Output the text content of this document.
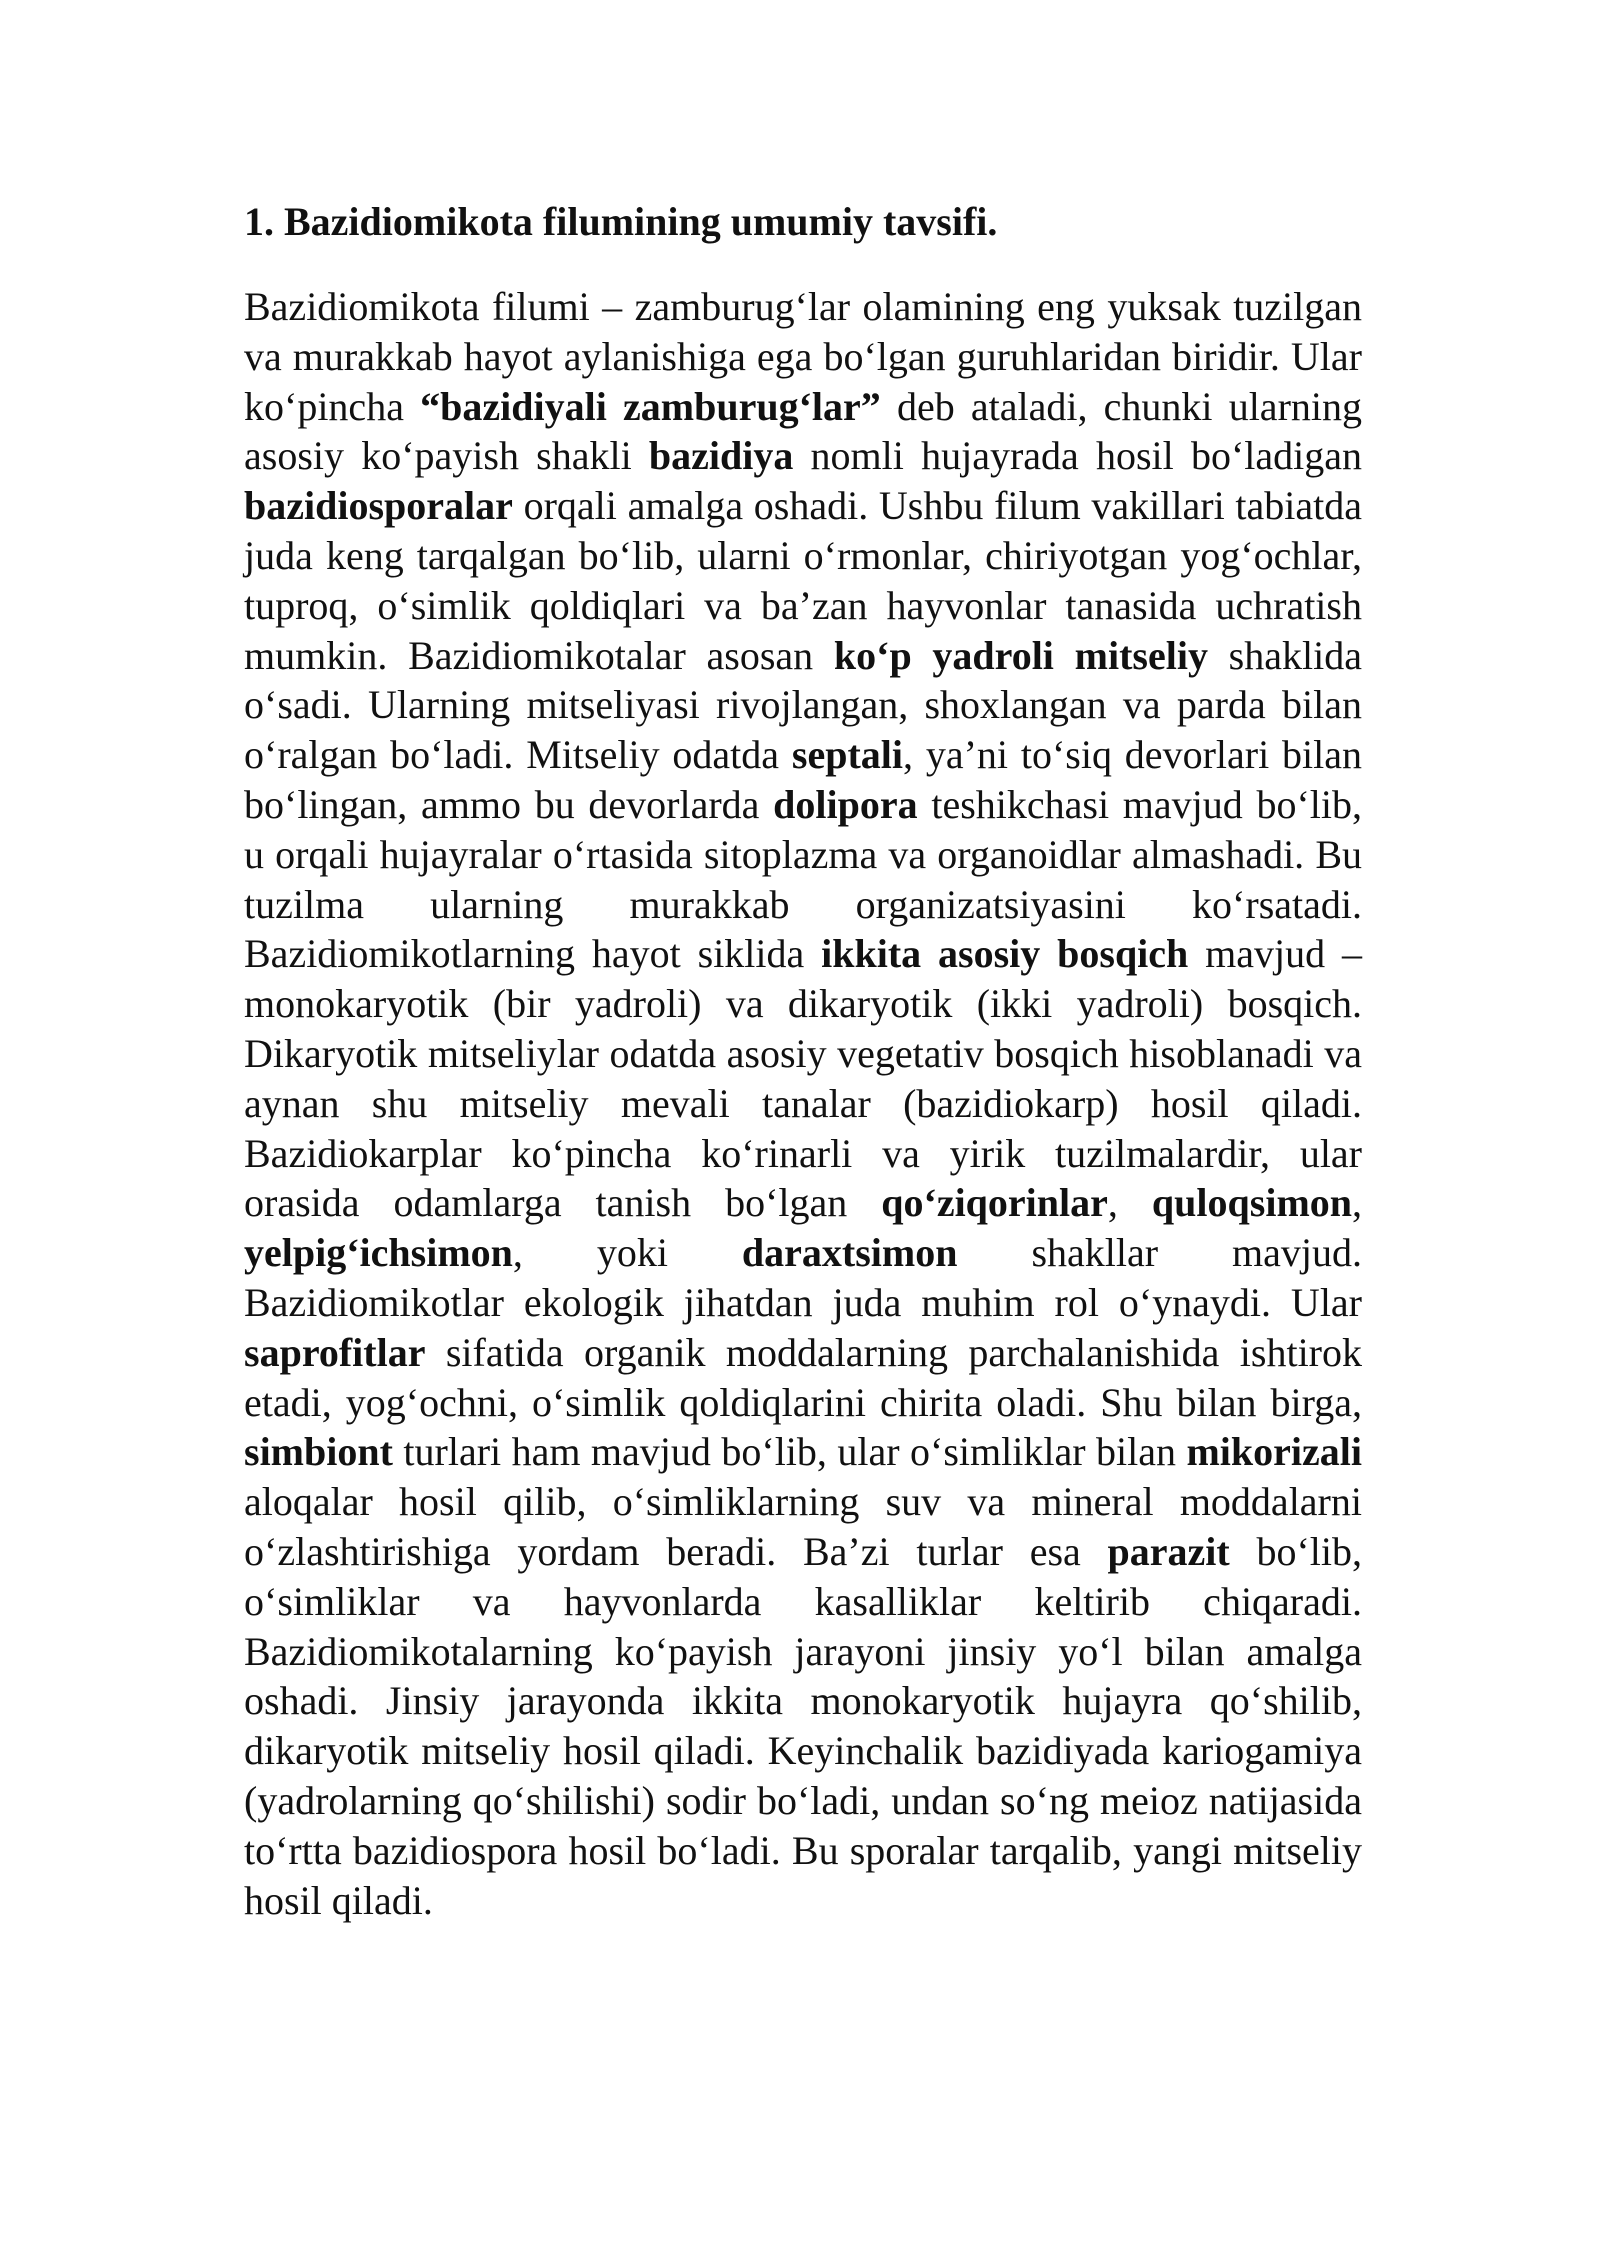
1. Bazidiomikota filumining umumiy tavsifi.

Bazidiomikota filumi – zamburug‘lar olamining eng yuksak tuzilgan va murakkab hayot aylanishiga ega bo‘lgan guruhlaridan biridir. Ular ko‘pincha “bazidiyali zamburug‘lar” deb ataladi, chunki ularning asosiy ko‘payish shakli bazidiya nomli hujayrada hosil bo‘ladigan bazidiosporalar orqali amalga oshadi. Ushbu filum vakillari tabiatda juda keng tarqalgan bo‘lib, ularni o‘rmonlar, chiriyotgan yog‘ochlar, tuproq, o‘simlik qoldiqlari va ba’zan hayvonlar tanasida uchratish mumkin. Bazidiomikotalar asosan ko‘p yadroli mitseliy shaklida o‘sadi. Ularning mitseliyasi rivojlangan, shoxlangan va parda bilan o‘ralgan bo‘ladi. Mitseliy odatda septali, ya’ni to‘siq devorlari bilan bo‘lingan, ammo bu devorlarda dolipora teshikchasi mavjud bo‘lib, u orqali hujayralar o‘rtasida sitoplazma va organoidlar almashadi. Bu tuzilma ularning murakkab organizatsiyasini ko‘rsatadi. Bazidiomikotlarning hayot siklida ikkita asosiy bosqich mavjud – monokaryotik (bir yadroli) va dikaryotik (ikki yadroli) bosqich. Dikaryotik mitseliylar odatda asosiy vegetativ bosqich hisoblanadi va aynan shu mitseliy mevali tanalar (bazidiokarp) hosil qiladi. Bazidiokarplar ko‘pincha ko‘rinarli va yirik tuzilmalardir, ular orasida odamlarga tanish bo‘lgan qo‘ziqorinlar, quloqsimon, yelpig‘ichsimon, yoki daraxtsimon shakllar mavjud. Bazidiomikotlar ekologik jihatdan juda muhim rol o‘ynaydi. Ular saprofitlar sifatida organik moddalarning parchalanishida ishtirok etadi, yog‘ochni, o‘simlik qoldiqlarini chirita oladi. Shu bilan birga, simbiont turlari ham mavjud bo‘lib, ular o‘simliklar bilan mikorizali aloqalar hosil qilib, o‘simliklarning suv va mineral moddalarni o‘zlashtirishiga yordam beradi. Ba’zi turlar esa parazit bo‘lib, o‘simliklar va hayvonlarda kasalliklar keltirib chiqaradi. Bazidiomikotalarning ko‘payish jarayoni jinsiy yo‘l bilan amalga oshadi. Jinsiy jarayonda ikkita monokaryotik hujayra qo‘shilib, dikaryotik mitseliy hosil qiladi. Keyinchalik bazidiyada kariogamiya (yadrolarning qo‘shilishi) sodir bo‘ladi, undan so‘ng meioz natijasida to‘rtta bazidiospora hosil bo‘ladi. Bu sporalar tarqalib, yangi mitseliy hosil qiladi.
